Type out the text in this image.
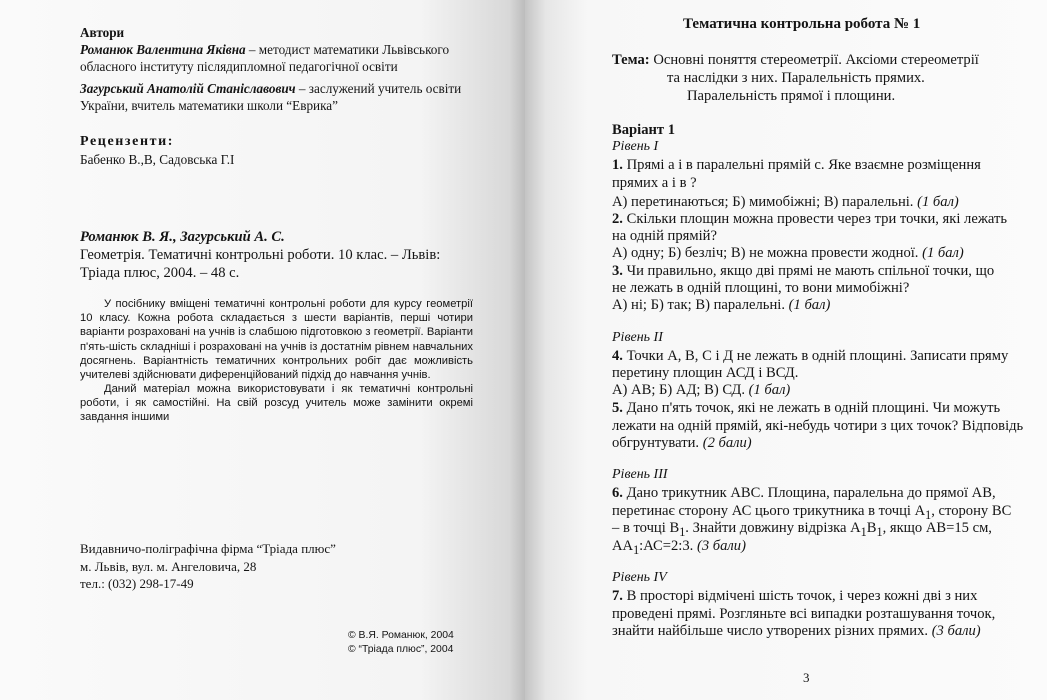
Автори
Романюк Валентина Яківна – методист математики Львівського
обласного інституту післядипломної педагогічної освіти
Загурський Анатолій Станіславович – заслужений учитель освіти
України, вчитель математики школи “Еврика”
Рецензенти:
Бабенко В.,В, Садовська Г.І
Романюк В. Я., Загурський А. С.
Геометрія. Тематичні контрольні роботи. 10 клас. – Львів:
Тріада плюс, 2004. – 48 с.
У посібнику вміщені тематичні контрольні роботи для курсу геометрії 10 класу. Кожна робота складається з шести варіантів, перші чотири варіанти розраховані на учнів із слабшою підготовкою з геометрії. Варіанти п'ять-шість складніші і розраховані на учнів із достатнім рівнем навчальних досягнень. Варіантність тематичних контрольних робіт дає можливість учителеві здійснювати диференційований підхід до навчання учнів.
Даний матеріал можна використовувати і як тематичні контрольні роботи, і як самостійні. На свій розсуд учитель може замінити окремі завдання іншими
Видавничо-поліграфічна фірма “Тріада плюс”
м. Львів, вул. м. Ангеловича, 28
тел.: (032) 298-17-49
© В.Я. Романюк, 2004
© “Тріада плюс”, 2004
Тематична контрольна робота № 1
Тема: Основні поняття стереометрії. Аксіоми стереометрії
та наслідки з них. Паралельність прямих.
Паралельність прямої і площини.
Варіант 1
Рівень I
1. Прямі а і в паралельні прямій с. Яке взаємне розміщення
прямих а і в ?
А) перетинаються; Б) мимобіжні; В) паралельні. (1 бал)
2. Скільки площин можна провести через три точки, які лежать
на одній прямій?
А) одну; Б) безліч; В) не можна провести жодної. (1 бал)
3. Чи правильно, якщо дві прямі не мають спільної точки, що
не лежать в одній площині, то вони мимобіжні?
А) ні; Б) так; В) паралельні. (1 бал)
Рівень II
4. Точки А, В, С і Д не лежать в одній площині. Записати пряму
перетину площин АСД і ВСД.
А) АВ; Б) АД; В) СД. (1 бал)
5. Дано п'ять точок, які не лежать в одній площині. Чи можуть
лежати на одній прямій, які-небудь чотири з цих точок? Відповідь
обгрунтувати. (2 бали)
Рівень III
6. Дано трикутник АВС. Площина, паралельна до прямої АВ,
перетинає сторону АС цього трикутника в точці $А_1$, сторону ВС
– в точці $В_1$. Знайти довжину відрізка $А_1В_1$, якщо АВ=15 см,
$АА_1:АС=2:3$. (3 бали)
Рівень IV
7. В просторі відмічені шість точок, і через кожні дві з них
проведені прямі. Розгляньте всі випадки розташування точок,
знайти найбільше число утворених різних прямих. (3 бали)
3
